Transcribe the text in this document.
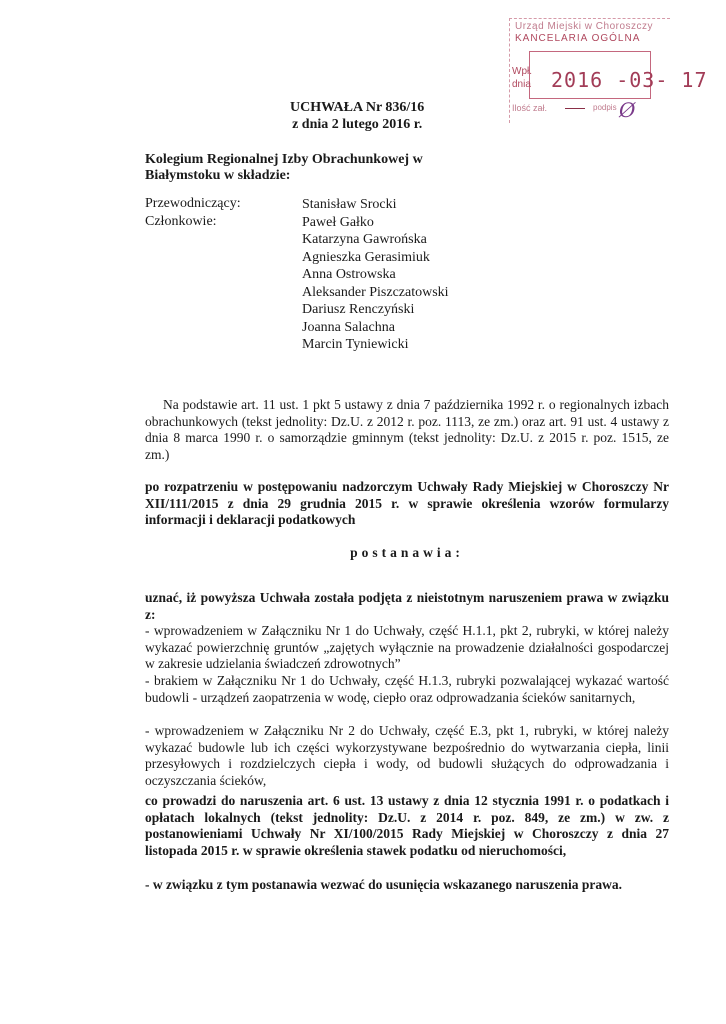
Urząd Miejski w Choroszczy
KANCELARIA OGÓLNA
Wpł. dnia 2016 -03- 17
Ilość zał.	podpis Ø
UCHWAŁA Nr 836/16
z dnia 2 lutego 2016 r.
Kolegium Regionalnej Izby Obrachunkowej w Białymstoku w składzie:
Przewodniczący:
Członkowie:
Stanisław Srocki
Paweł Gałko
Katarzyna Gawrońska
Agnieszka Gerasimiuk
Anna Ostrowska
Aleksander Piszczatowski
Dariusz Renczyński
Joanna Salachna
Marcin Tyniewicki
Na podstawie art. 11 ust. 1 pkt 5 ustawy z dnia 7 października 1992 r. o regionalnych izbach obrachunkowych (tekst jednolity: Dz.U. z 2012 r. poz. 1113, ze zm.) oraz art. 91 ust. 4 ustawy z dnia 8 marca 1990 r. o samorządzie gminnym (tekst jednolity: Dz.U. z 2015 r. poz. 1515, ze zm.)
po rozpatrzeniu w postępowaniu nadzorczym Uchwały Rady Miejskiej w Choroszczy Nr XII/111/2015 z dnia 29 grudnia 2015 r. w sprawie określenia wzorów formularzy informacji i deklaracji podatkowych
postanawia:
uznać, iż powyższa Uchwała została podjęta z nieistotnym naruszeniem prawa w związku z:
- wprowadzeniem w Załączniku Nr 1 do Uchwały, część H.1.1, pkt 2, rubryki, w której należy wykazać powierzchnię gruntów „zajętych wyłącznie na prowadzenie działalności gospodarczej w zakresie udzielania świadczeń zdrowotnych”
- brakiem w Załączniku Nr 1 do Uchwały, część H.1.3, rubryki pozwalającej wykazać wartość budowli - urządzeń zaopatrzenia w wodę, ciepło oraz odprowadzania ścieków sanitarnych,
- wprowadzeniem w Załączniku Nr 2 do Uchwały, część E.3, pkt 1, rubryki, w której należy wykazać budowle lub ich części wykorzystywane bezpośrednio do wytwarzania ciepła, linii przesyłowych i rozdzielczych ciepła i wody, od budowli służących do odprowadzania i oczyszczania ścieków,
co prowadzi do naruszenia art. 6 ust. 13 ustawy z dnia 12 stycznia 1991 r. o podatkach i opłatach lokalnych (tekst jednolity: Dz.U. z 2014 r. poz. 849, ze zm.) w zw. z postanowieniami Uchwały Nr XI/100/2015 Rady Miejskiej w Choroszczy z dnia 27 listopada 2015 r. w sprawie określenia stawek podatku od nieruchomości,
- w związku z tym postanawia wezwać do usunięcia wskazanego naruszenia prawa.
